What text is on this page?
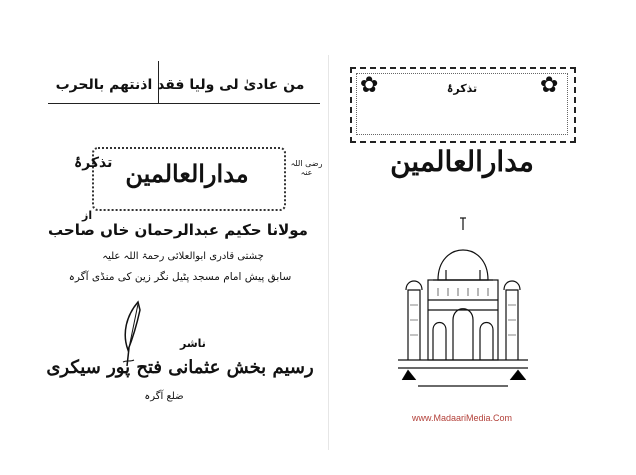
من عادیٰ لی ولیا فقد اذنتھم بالحرب
تذکرۂ مدارالعالمین	رضی اللہ عنہ
از
مولانا حکیم عبدالرحمان خاں صاحب
چشتی قادری ابوالعلائی رحمۃ اللہ علیہ
سابق پیش امام مسجد پٹیل نگر زین کی منڈی آگرہ
ناشر
رسیم بخش عثمانی فتح پور سیکری
ضلع آگرہ
✿	✿
تذکرۂ
مدارالعالمین
www.MadaariMedia.Com
